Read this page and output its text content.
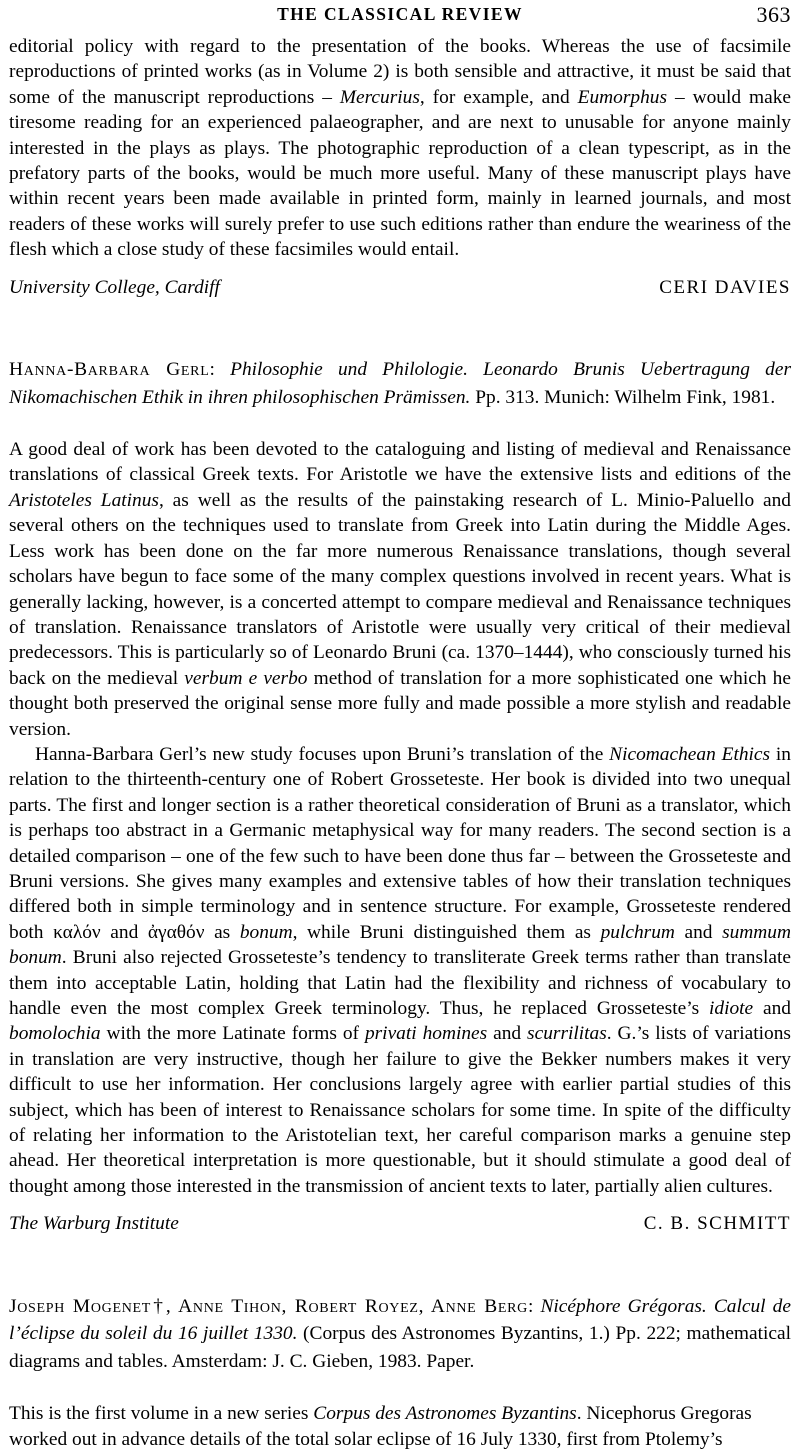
THE CLASSICAL REVIEW	363

editorial policy with regard to the presentation of the books. Whereas the use of facsimile reproductions of printed works (as in Volume 2) is both sensible and attractive, it must be said that some of the manuscript reproductions – Mercurius, for example, and Eumorphus – would make tiresome reading for an experienced palaeographer, and are next to unusable for anyone mainly interested in the plays as plays. The photographic reproduction of a clean typescript, as in the prefatory parts of the books, would be much more useful. Many of these manuscript plays have within recent years been made available in printed form, mainly in learned journals, and most readers of these works will surely prefer to use such editions rather than endure the weariness of the flesh which a close study of these facsimiles would entail.

University College, Cardiff	CERI DAVIES

Hanna-Barbara Gerl: Philosophie und Philologie. Leonardo Brunis Uebertragung der Nikomachischen Ethik in ihren philosophischen Prämissen. Pp. 313. Munich: Wilhelm Fink, 1981.

A good deal of work has been devoted to the cataloguing and listing of medieval and Renaissance translations of classical Greek texts. For Aristotle we have the extensive lists and editions of the Aristoteles Latinus, as well as the results of the painstaking research of L. Minio-Paluello and several others on the techniques used to translate from Greek into Latin during the Middle Ages. Less work has been done on the far more numerous Renaissance translations, though several scholars have begun to face some of the many complex questions involved in recent years. What is generally lacking, however, is a concerted attempt to compare medieval and Renaissance techniques of translation. Renaissance translators of Aristotle were usually very critical of their medieval predecessors. This is particularly so of Leonardo Bruni (ca. 1370–1444), who consciously turned his back on the medieval verbum e verbo method of translation for a more sophisticated one which he thought both preserved the original sense more fully and made possible a more stylish and readable version.

Hanna-Barbara Gerl’s new study focuses upon Bruni’s translation of the Nicomachean Ethics in relation to the thirteenth-century one of Robert Grosseteste. Her book is divided into two unequal parts. The first and longer section is a rather theoretical consideration of Bruni as a translator, which is perhaps too abstract in a Germanic metaphysical way for many readers. The second section is a detailed comparison – one of the few such to have been done thus far – between the Grosseteste and Bruni versions. She gives many examples and extensive tables of how their translation techniques differed both in simple terminology and in sentence structure. For example, Grosseteste rendered both καλόν and ἀγαθόν as bonum, while Bruni distinguished them as pulchrum and summum bonum. Bruni also rejected Grosseteste’s tendency to transliterate Greek terms rather than translate them into acceptable Latin, holding that Latin had the flexibility and richness of vocabulary to handle even the most complex Greek terminology. Thus, he replaced Grosseteste’s idiote and bomolochia with the more Latinate forms of privati homines and scurrilitas. G.’s lists of variations in translation are very instructive, though her failure to give the Bekker numbers makes it very difficult to use her information. Her conclusions largely agree with earlier partial studies of this subject, which has been of interest to Renaissance scholars for some time. In spite of the difficulty of relating her information to the Aristotelian text, her careful comparison marks a genuine step ahead. Her theoretical interpretation is more questionable, but it should stimulate a good deal of thought among those interested in the transmission of ancient texts to later, partially alien cultures.

The Warburg Institute	C. B. SCHMITT

Joseph Mogenet†, Anne Tihon, Robert Royez, Anne Berg: Nicéphore Grégoras. Calcul de l’éclipse du soleil du 16 juillet 1330. (Corpus des Astronomes Byzantins, 1.) Pp. 222; mathematical diagrams and tables. Amsterdam: J. C. Gieben, 1983. Paper.

This is the first volume in a new series Corpus des Astronomes Byzantins. Nicephorus Gregoras worked out in advance details of the total solar eclipse of 16 July 1330, first from Ptolemy’s
